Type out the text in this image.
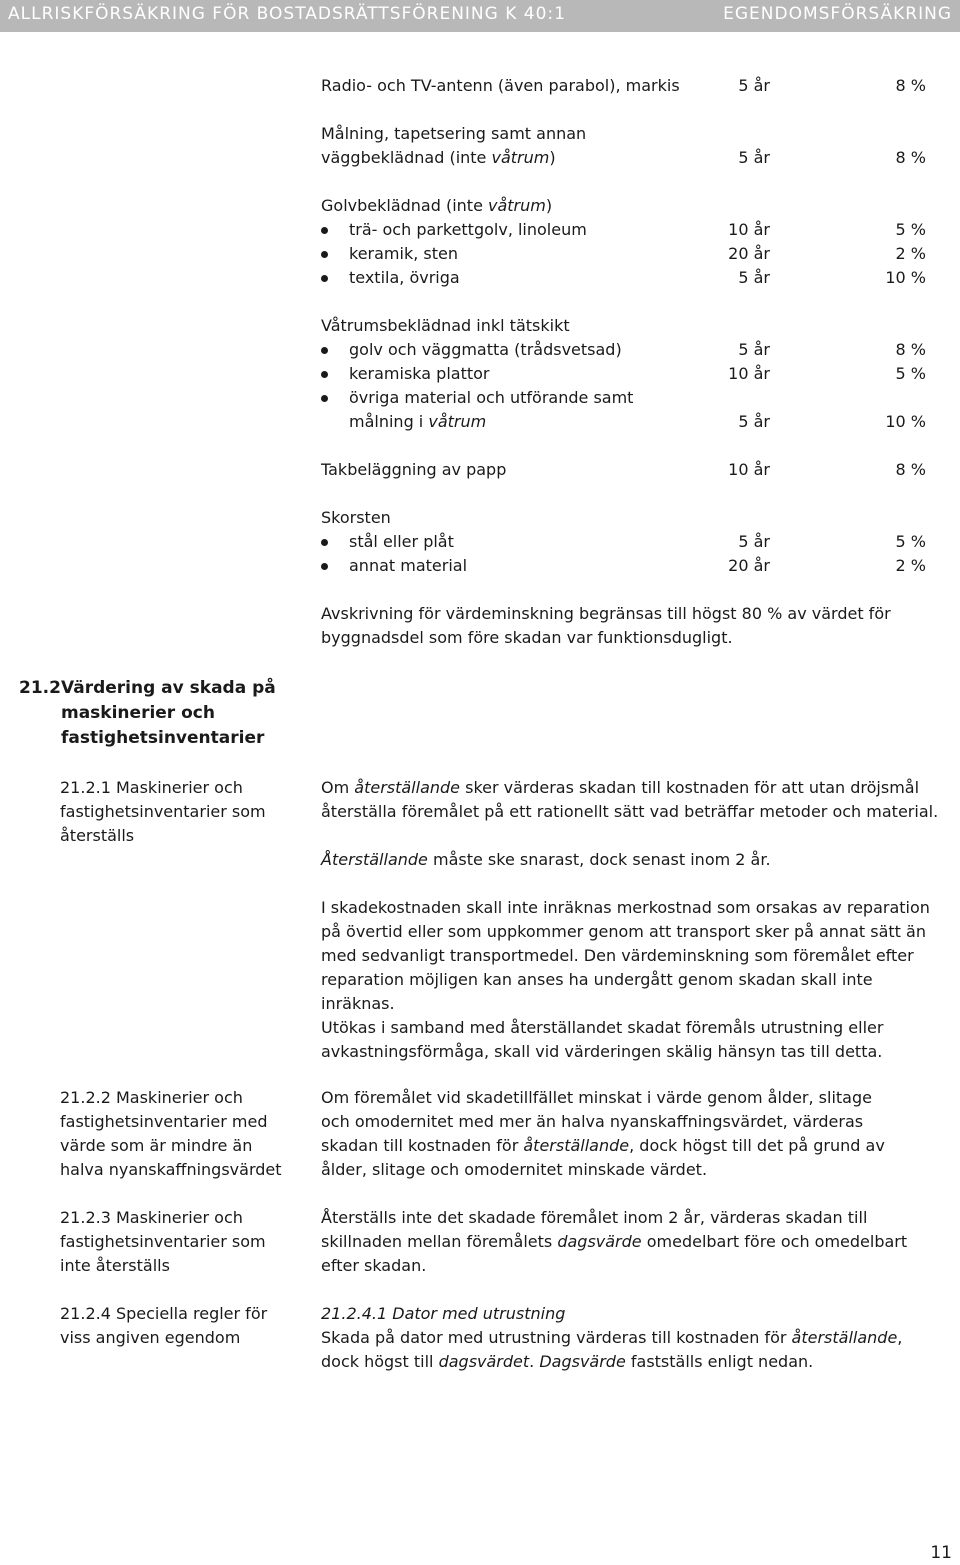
ALLRISKFÖRSÄKRING FÖR BOSTADSRÄTTSFÖRENING K 40:1	EGENDOMSFÖRSÄKRING
Radio- och TV-antenn (även parabol), markis	5 år	8 %
Målning, tapetsering samt annan
väggbeklädnad (inte våtrum)	5 år	8 %
Golvbeklädnad (inte våtrum)
trä- och parkettgolv, linoleum	10 år	5 %
keramik, sten	20 år	2 %
textila, övriga	5 år	10 %
Våtrumsbeklädnad inkl tätskikt
golv och väggmatta (trådsvetsad)	5 år	8 %
keramiska plattor	10 år	5 %
övriga material och utförande samt
målning i våtrum	5 år	10 %
Takbeläggning av papp	10 år	8 %
Skorsten
stål eller plåt	5 år	5 %
annat material	20 år	2 %

Avskrivning för värdeminskning begränsas till högst 80 % av värdet för byggnadsdel som före skadan var funktionsdugligt.

21.2 Värdering av skada på maskinerier och fastighetsinventarier

21.2.1 Maskinerier och fastighetsinventarier som återställs

Om återställande sker värderas skadan till kostnaden för att utan dröjsmål återställa föremålet på ett rationellt sätt vad beträffar metoder och material.

Återställande måste ske snarast, dock senast inom 2 år.

I skadekostnaden skall inte inräknas merkostnad som orsakas av reparation på övertid eller som uppkommer genom att transport sker på annat sätt än med sedvanligt transportmedel. Den värdeminskning som föremålet efter reparation möjligen kan anses ha undergått genom skadan skall inte inräknas.

Utökas i samband med återställandet skadat föremåls utrustning eller avkastningsförmåga, skall vid värderingen skälig hänsyn tas till detta.

21.2.2 Maskinerier och fastighetsinventarier med värde som är mindre än halva nyanskaffningsvärdet

Om föremålet vid skadetillfället minskat i värde genom ålder, slitage och omodernitet med mer än halva nyanskaffningsvärdet, värderas skadan till kostnaden för återställande, dock högst till det på grund av ålder, slitage och omodernitet minskade värdet.

21.2.3 Maskinerier och fastighetsinventarier som inte återställs

Återställs inte det skadade föremålet inom 2 år, värderas skadan till skillnaden mellan föremålets dagsvärde omedelbart före och omedelbart efter skadan.

21.2.4 Speciella regler för viss angiven egendom

21.2.4.1 Dator med utrustning

Skada på dator med utrustning värderas till kostnaden för återställande, dock högst till dagsvärdet. Dagsvärde fastställs enligt nedan.

11
